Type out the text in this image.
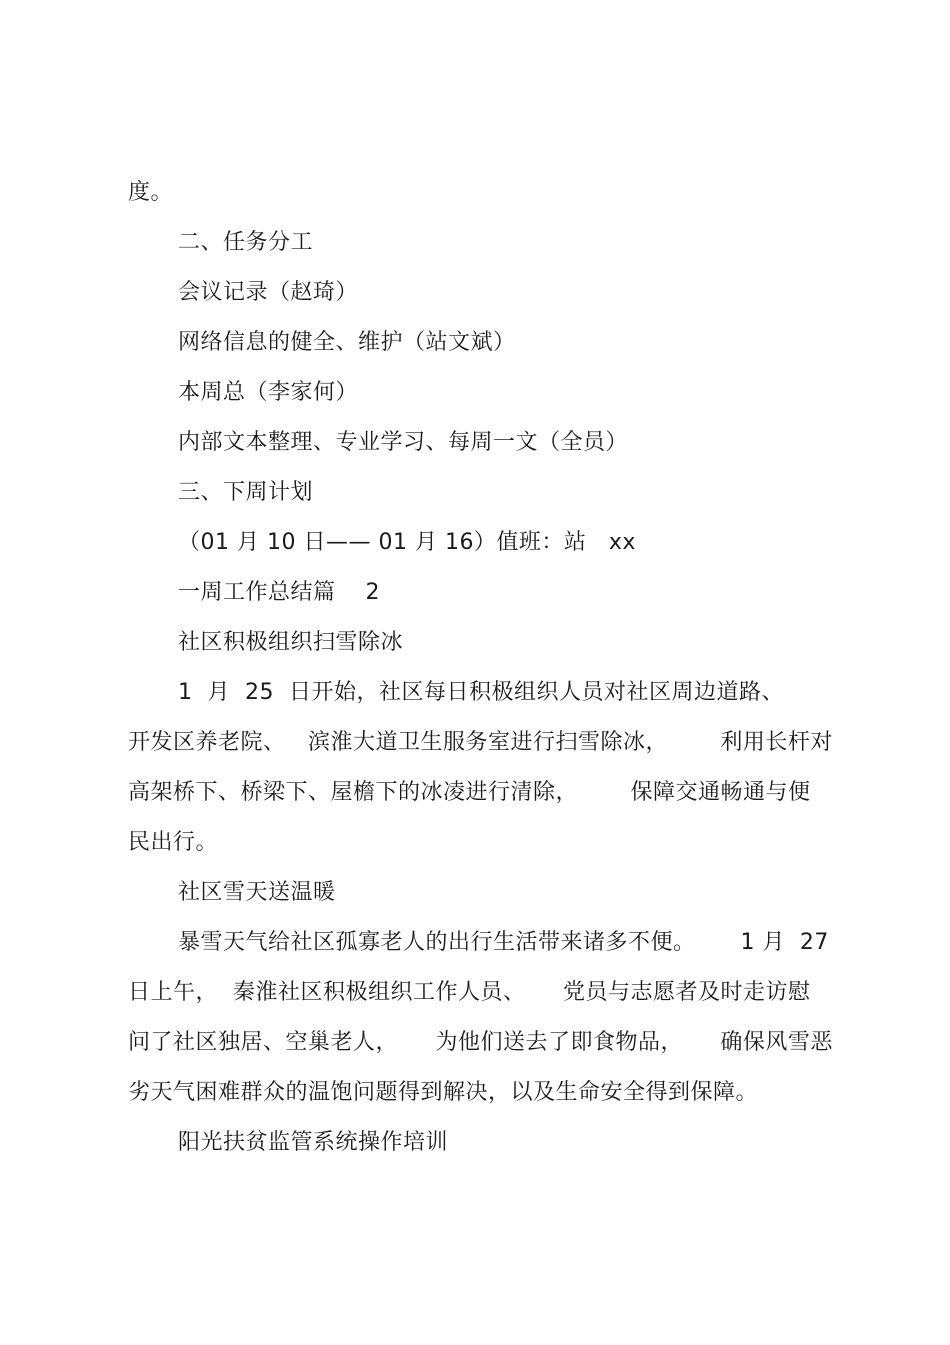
度。
二、任务分工
会议记录（赵琦）
网络信息的健全、维护（站文斌）
本周总（李家何）
内部文本整理、专业学习、每周一文（全员）
三、下周计划
（01 月 10 日—— 01 月 16）值班：站   xx
一周工作总结篇    2
社区积极组织扫雪除冰
1  月  25  日开始，社区每日积极组织人员对社区周边道路、
开发区养老院、   滨淮大道卫生服务室进行扫雪除冰，       利用长杆对
高架桥下、桥梁下、屋檐下的冰凌进行清除，       保障交通畅通与便
民出行。
社区雪天送温暖
暴雪天气给社区孤寡老人的出行生活带来诸多不便。      1 月  27
日上午，  秦淮社区积极组织工作人员、     党员与志愿者及时走访慰
问了社区独居、空巢老人，     为他们送去了即食物品，     确保风雪恶
劣天气困难群众的温饱问题得到解决，以及生命安全得到保障。
阳光扶贫监管系统操作培训
